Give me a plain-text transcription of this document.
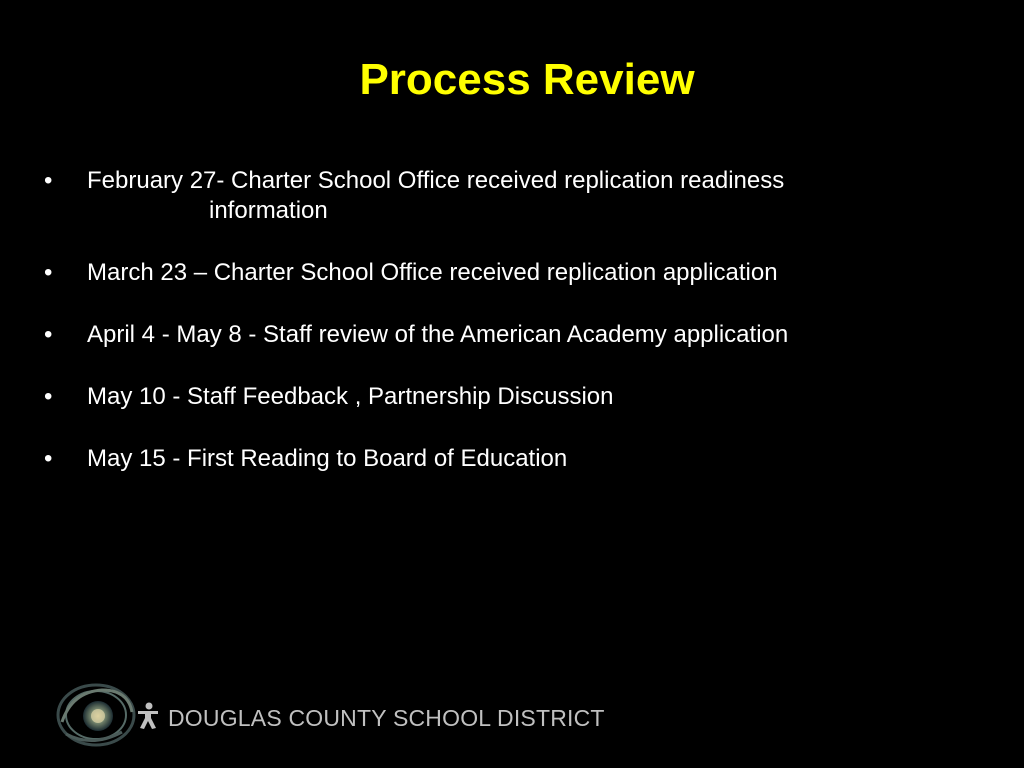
Process Review
•	February 27- Charter School Office received replication readiness
information
•	March 23 – Charter School Office received replication application
•	April 4 - May 8 - Staff review of the American Academy application
•	May 10 - Staff Feedback , Partnership Discussion
•	May 15 - First Reading to Board of Education
DOUGLAS COUNTY SCHOOL DISTRICT
